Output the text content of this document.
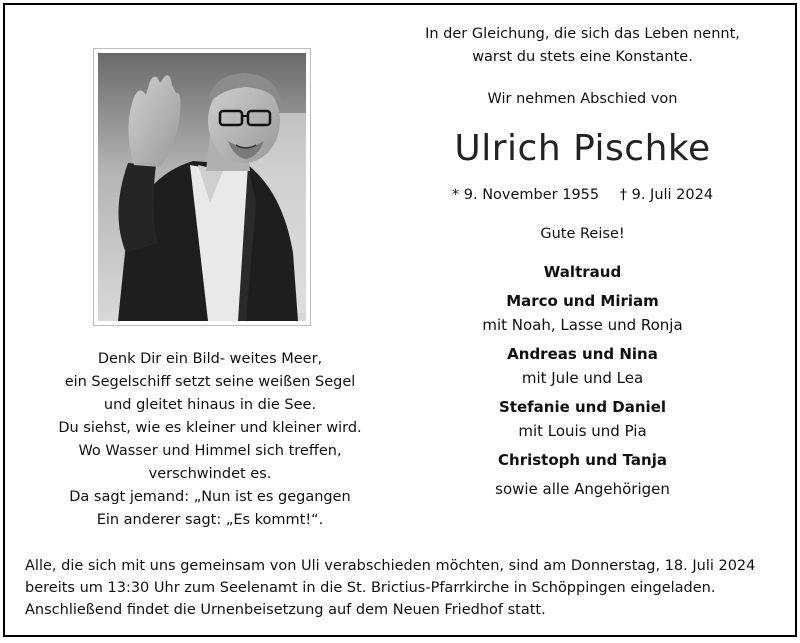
Denk Dir ein Bild- weites Meer,
ein Segelschiff setzt seine weißen Segel
und gleitet hinaus in die See.
Du siehst, wie es kleiner und kleiner wird.
Wo Wasser und Himmel sich treffen,
verschwindet es.
Da sagt jemand: „Nun ist es gegangen
Ein anderer sagt: „Es kommt!“.
In der Gleichung, die sich das Leben nennt,
warst du stets eine Konstante.
Wir nehmen Abschied von
Ulrich Pischke
* 9. November 1955 † 9. Juli 2024
Gute Reise!
Waltraud
Marco und Miriam
mit Noah, Lasse und Ronja
Andreas und Nina
mit Jule und Lea
Stefanie und Daniel
mit Louis und Pia
Christoph und Tanja
sowie alle Angehörigen
Alle, die sich mit uns gemeinsam von Uli verabschieden möchten, sind am Donnerstag, 18. Juli 2024
bereits um 13:30 Uhr zum Seelenamt in die St. Brictius-Pfarrkirche in Schöppingen eingeladen.
Anschließend findet die Urnenbeisetzung auf dem Neuen Friedhof statt.
